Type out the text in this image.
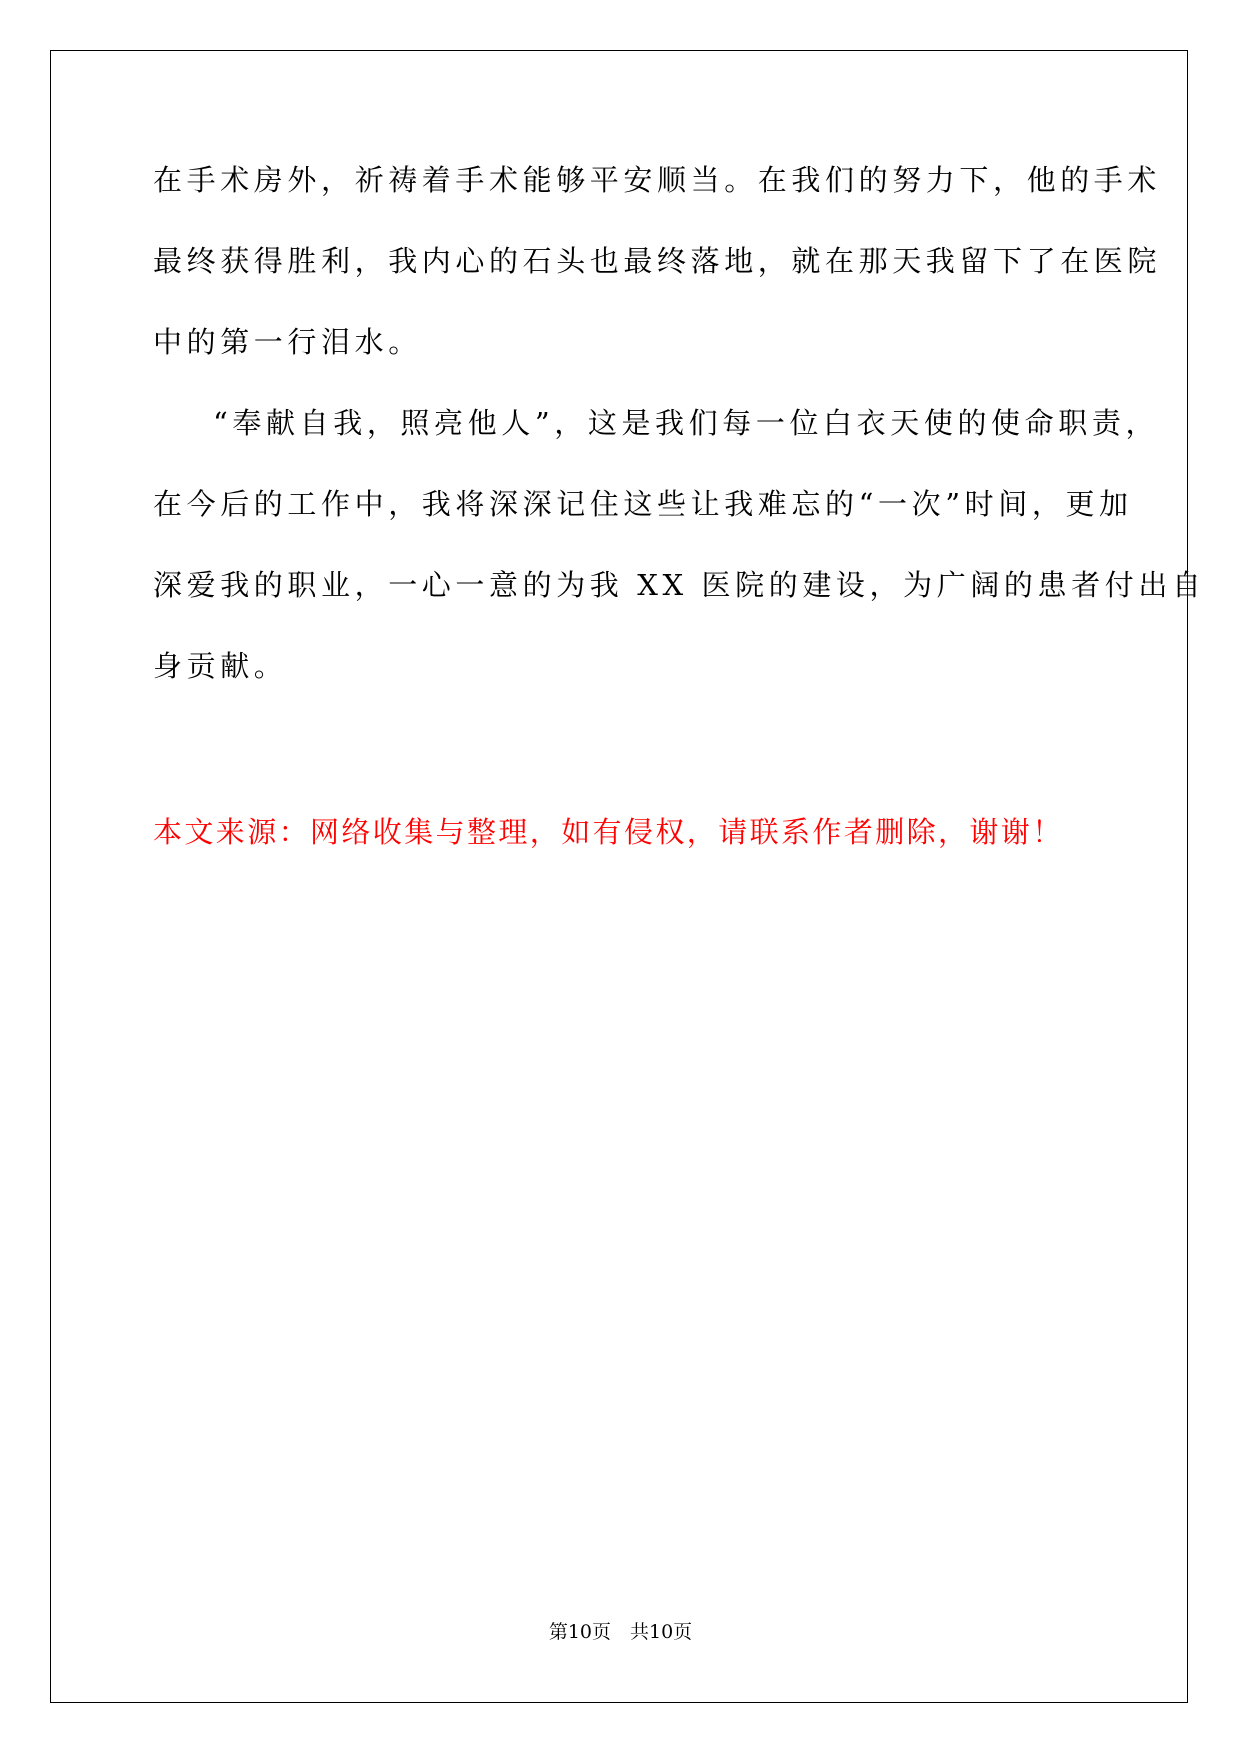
在手术房外，祈祷着手术能够平安顺当。在我们的努力下，他的手术
最终获得胜利，我内心的石头也最终落地，就在那天我留下了在医院
中的第一行泪水。
“奉献自我，照亮他人”，这是我们每一位白衣天使的使命职责，
在今后的工作中，我将深深记住这些让我难忘的“一次”时间，更加
深爱我的职业，一心一意的为我 XX 医院的建设，为广阔的患者付出自
身贡献。
本文来源：网络收集与整理，如有侵权，请联系作者删除，谢谢！
第10页　共10页
